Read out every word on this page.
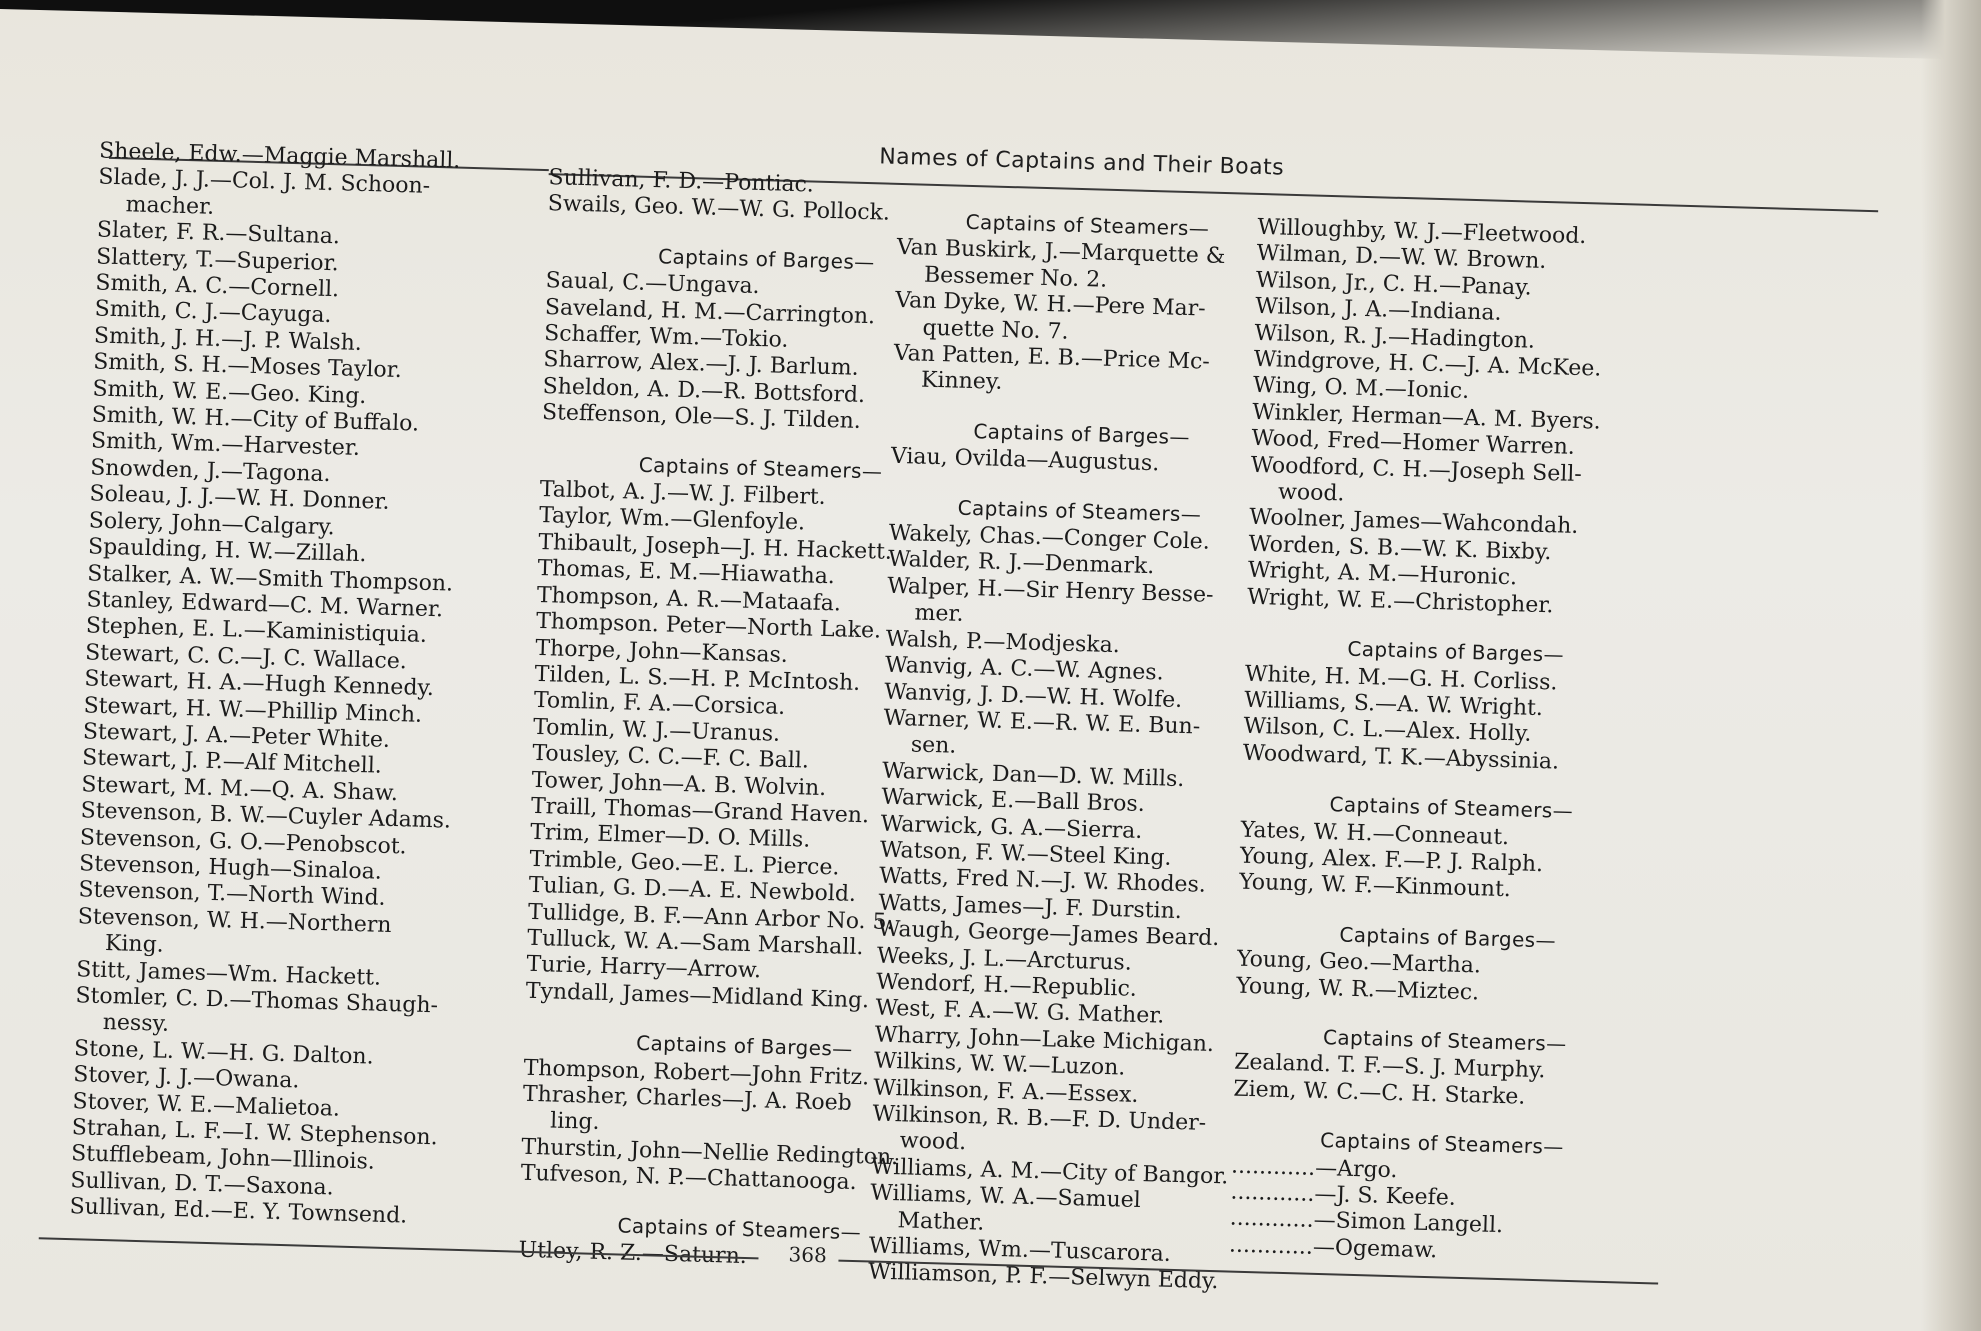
Names of Captains and Their Boats
Sheele, Edw.—Maggie Marshall.
Slade, J. J.—Col. J. M. Schoon-
macher.
Slater, F. R.—Sultana.
Slattery, T.—Superior.
Smith, A. C.—Cornell.
Smith, C. J.—Cayuga.
Smith, J. H.—J. P. Walsh.
Smith, S. H.—Moses Taylor.
Smith, W. E.—Geo. King.
Smith, W. H.—City of Buffalo.
Smith, Wm.—Harvester.
Snowden, J.—Tagona.
Soleau, J. J.—W. H. Donner.
Solery, John—Calgary.
Spaulding, H. W.—Zillah.
Stalker, A. W.—Smith Thompson.
Stanley, Edward—C. M. Warner.
Stephen, E. L.—Kaministiquia.
Stewart, C. C.—J. C. Wallace.
Stewart, H. A.—Hugh Kennedy.
Stewart, H. W.—Phillip Minch.
Stewart, J. A.—Peter White.
Stewart, J. P.—Alf Mitchell.
Stewart, M. M.—Q. A. Shaw.
Stevenson, B. W.—Cuyler Adams.
Stevenson, G. O.—Penobscot.
Stevenson, Hugh—Sinaloa.
Stevenson, T.—North Wind.
Stevenson, W. H.—Northern
King.
Stitt, James—Wm. Hackett.
Stomler, C. D.—Thomas Shaugh-
nessy.
Stone, L. W.—H. G. Dalton.
Stover, J. J.—Owana.
Stover, W. E.—Malietoa.
Strahan, L. F.—I. W. Stephenson.
Stufflebeam, John—Illinois.
Sullivan, D. T.—Saxona.
Sullivan, Ed.—E. Y. Townsend.
Sullivan, F. D.—Pontiac.
Swails, Geo. W.—W. G. Pollock.
Captains of Barges—
Saual, C.—Ungava.
Saveland, H. M.—Carrington.
Schaffer, Wm.—Tokio.
Sharrow, Alex.—J. J. Barlum.
Sheldon, A. D.—R. Bottsford.
Steffenson, Ole—S. J. Tilden.
Captains of Steamers—
Talbot, A. J.—W. J. Filbert.
Taylor, Wm.—Glenfoyle.
Thibault, Joseph—J. H. Hackett.
Thomas, E. M.—Hiawatha.
Thompson, A. R.—Mataafa.
Thompson. Peter—North Lake.
Thorpe, John—Kansas.
Tilden, L. S.—H. P. McIntosh.
Tomlin, F. A.—Corsica.
Tomlin, W. J.—Uranus.
Tousley, C. C.—F. C. Ball.
Tower, John—A. B. Wolvin.
Traill, Thomas—Grand Haven.
Trim, Elmer—D. O. Mills.
Trimble, Geo.—E. L. Pierce.
Tulian, G. D.—A. E. Newbold.
Tullidge, B. F.—Ann Arbor No. 5.
Tulluck, W. A.—Sam Marshall.
Turie, Harry—Arrow.
Tyndall, James—Midland King.
Captains of Barges—
Thompson, Robert—John Fritz.
Thrasher, Charles—J. A. Roeb
ling.
Thurstin, John—Nellie Redington.
Tufveson, N. P.—Chattanooga.
Captains of Steamers—
Utley, R. Z.—Saturn.
Captains of Steamers—
Van Buskirk, J.—Marquette &
Bessemer No. 2.
Van Dyke, W. H.—Pere Mar-
quette No. 7.
Van Patten, E. B.—Price Mc-
Kinney.
Captains of Barges—
Viau, Ovilda—Augustus.
Captains of Steamers—
Wakely, Chas.—Conger Cole.
Walder, R. J.—Denmark.
Walper, H.—Sir Henry Besse-
mer.
Walsh, P.—Modjeska.
Wanvig, A. C.—W. Agnes.
Wanvig, J. D.—W. H. Wolfe.
Warner, W. E.—R. W. E. Bun-
sen.
Warwick, Dan—D. W. Mills.
Warwick, E.—Ball Bros.
Warwick, G. A.—Sierra.
Watson, F. W.—Steel King.
Watts, Fred N.—J. W. Rhodes.
Watts, James—J. F. Durstin.
Waugh, George—James Beard.
Weeks, J. L.—Arcturus.
Wendorf, H.—Republic.
West, F. A.—W. G. Mather.
Wharry, John—Lake Michigan.
Wilkins, W. W.—Luzon.
Wilkinson, F. A.—Essex.
Wilkinson, R. B.—F. D. Under-
wood.
Williams, A. M.—City of Bangor.
Williams, W. A.—Samuel
Mather.
Williams, Wm.—Tuscarora.
Williamson, P. F.—Selwyn Eddy.
Willoughby, W. J.—Fleetwood.
Wilman, D.—W. W. Brown.
Wilson, Jr., C. H.—Panay.
Wilson, J. A.—Indiana.
Wilson, R. J.—Hadington.
Windgrove, H. C.—J. A. McKee.
Wing, O. M.—Ionic.
Winkler, Herman—A. M. Byers.
Wood, Fred—Homer Warren.
Woodford, C. H.—Joseph Sell-
wood.
Woolner, James—Wahcondah.
Worden, S. B.—W. K. Bixby.
Wright, A. M.—Huronic.
Wright, W. E.—Christopher.
Captains of Barges—
White, H. M.—G. H. Corliss.
Williams, S.—A. W. Wright.
Wilson, C. L.—Alex. Holly.
Woodward, T. K.—Abyssinia.
Captains of Steamers—
Yates, W. H.—Conneaut.
Young, Alex. F.—P. J. Ralph.
Young, W. F.—Kinmount.
Captains of Barges—
Young, Geo.—Martha.
Young, W. R.—Miztec.
Captains of Steamers—
Zealand. T. F.—S. J. Murphy.
Ziem, W. C.—C. H. Starke.
Captains of Steamers—
............—Argo.
............—J. S. Keefe.
............—Simon Langell.
............—Ogemaw.
368
